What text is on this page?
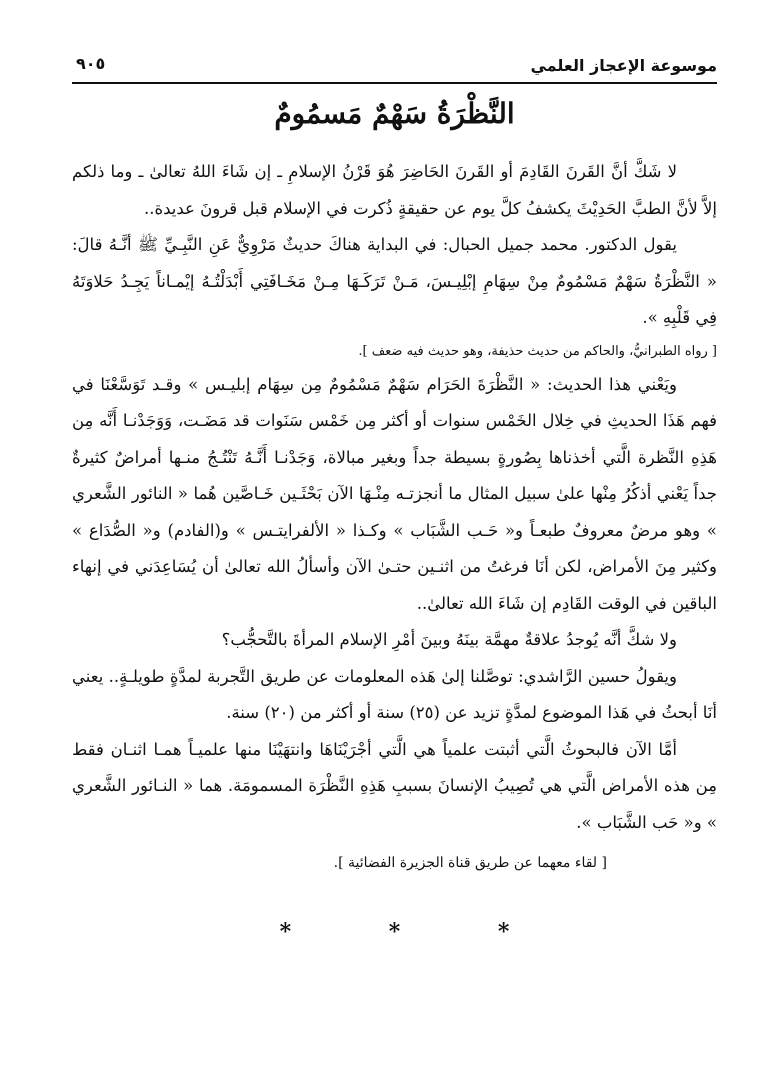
موسوعة الإعجاز العلمي
٩٠٥
النَّظْرَةُ سَهْمٌ مَسمُومٌ

لا شَكَّ أنَّ القَرنَ القَادِمَ أو القَرنَ الحَاضِرَ هُوَ قَرْنُ الإسلامِ ـ إن شَاءَ اللهُ تعالىٰ ـ وما ذلكم إلاَّ لأنَّ الطبَّ الحَدِيْثَ يكشفُ كلَّ يوم عن حقيقةٍ ذُكرت في الإسلام قبل قرونَ عديدة..

يقول الدكتور. محمد جميل الحبال: في البداية هناكَ حديثٌ مَرْوِيٌّ عَنِ النَّبِـيِّ ﷺ أنَّـهُ قالَ: « النَّظْرَةُ سَهْمٌ مَسْمُومٌ مِنْ سِهَامِ إبْلِيـسَ، مَـنْ تَرَكَـهَا مِـنْ مَخَـافَتِي أَبْدَلْتُـهُ إيْمـاناً يَجِـدُ حَلاوَتَهُ فِي قَلْبِهِ ».

[ رواه الطبرانيُّ، والحاكم من حديث حذيفة، وهو حديث فيه ضعف ].

ويَعْني هذا الحديث: « النَّظْرَةَ الحَرَام سَهْمٌ مَسْمُومٌ مِن سِهَام إبليـس » وقـد تَوَسَّعْنَا في فهم هَذَا الحديثِ في خِلال الخَمْس سنوات أو أكثر مِن خَمْس سَنَوات قد مَضَـت، وَوَجَدْنـا أَنَّه مِن هَذِهِ النَّظرة الَّتي أخذناها بِصُورةٍ بسيطة جداً وبغير مبالاة، وَجَدْنـا أَنَّـهُ تَنْتُـجُ منـها أمراضٌ كثيرةٌ جداً يَعْني أذكُرُ مِنْها علىٰ سبيل المثال ما أنجزتـه مِنْـهَا الآن بَحْثَـين خَـاصَّين هُما « النائور الشَّعري » وهو مرضٌ معروفٌ طبعـاً و« حَـب الشَّبَاب » وكـذا « الألفرايتـس » و(الفادم) و« الصُّدَاع » وكثير مِنَ الأمراض، لكن أنَا فرغتُ من اثنـين حتـىٰ الآن وأسألُ الله تعالىٰ أن يُسَاعِدَني في إنهاء الباقين في الوقت القَادِم إن شَاءَ الله تعالىٰ..

ولا شكَّ أنَّه يُوجدُ علاقةٌ مهمَّة بينَهُ وبينَ أمْرِ الإسلام المرأةَ بالتَّحجُّب؟

ويقولُ حسين الرَّاشدي: توصَّلنا إلىٰ هَذه المعلومات عن طريق التَّجربة لمدَّةٍ طويلـةٍ.. يعني أنَا أبحثُ في هَذا الموضوع لمدَّةٍ تزيد عن (٢٥) سنة أو أكثر من (٢٠) سنة.

أمَّا الآن فالبحوثُ الَّتي أثبتت علمياً هي الَّتي أجْرَيْنَاهَا وانتهَيْنَا منها علميـاً همـا اثنـان فقط مِن هذه الأمراض الَّتي هي تُصِيبُ الإنسانَ بسببِ هَذِهِ النَّظْرَة المسمومَة. هما « النـائور الشَّعري » و« حَب الشَّبَاب ».

[ لقاء معهما عن طريق قناة الجزيرة الفضائية ].
* * *
